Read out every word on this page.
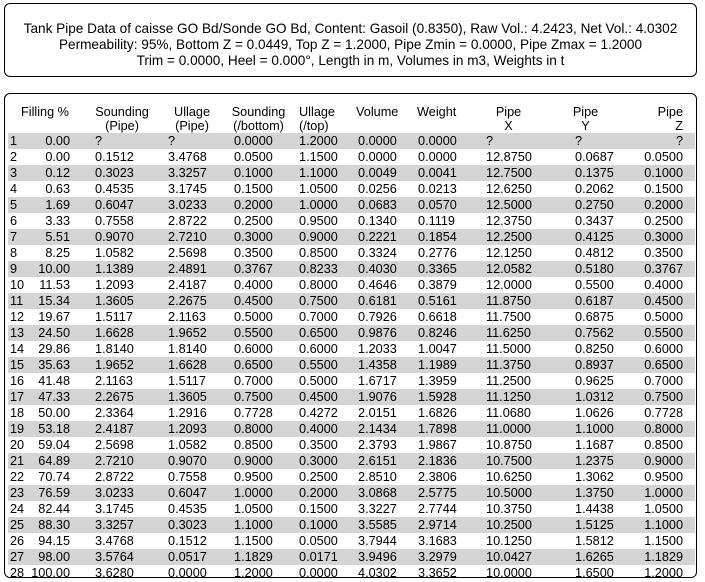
Tank Pipe Data of caisse GO Bd/Sonde GO Bd, Content: Gasoil (0.8350), Raw Vol.: 4.2423, Net Vol.: 4.0302
Permeability: 95%, Bottom Z = 0.0449, Top Z = 1.2000, Pipe Zmin = 0.0000, Pipe Zmax = 1.2000
Trim = 0.0000, Heel = 0.000°, Length in m, Volumes in m3, Weights in t
Filling %		Sounding	Ullage	Sounding	Ullage	Volume	Weight	Pipe	Pipe	Pipe
		(Pipe)	(Pipe)	(/bottom)	(/top)			X	Y	Z
1	0.00	?	?	0.0000	1.2000	0.0000	0.0000	?	?	?
2	0.00	0.1512	3.4768	0.0500	1.1500	0.0000	0.0000	12.8750	0.0687	0.0500
3	0.12	0.3023	3.3257	0.1000	1.1000	0.0049	0.0041	12.7500	0.1375	0.1000
4	0.63	0.4535	3.1745	0.1500	1.0500	0.0256	0.0213	12.6250	0.2062	0.1500
5	1.69	0.6047	3.0233	0.2000	1.0000	0.0683	0.0570	12.5000	0.2750	0.2000
6	3.33	0.7558	2.8722	0.2500	0.9500	0.1340	0.1119	12.3750	0.3437	0.2500
7	5.51	0.9070	2.7210	0.3000	0.9000	0.2221	0.1854	12.2500	0.4125	0.3000
8	8.25	1.0582	2.5698	0.3500	0.8500	0.3324	0.2776	12.1250	0.4812	0.3500
9	10.00	1.1389	2.4891	0.3767	0.8233	0.4030	0.3365	12.0582	0.5180	0.3767
10	11.53	1.2093	2.4187	0.4000	0.8000	0.4646	0.3879	12.0000	0.5500	0.4000
11	15.34	1.3605	2.2675	0.4500	0.7500	0.6181	0.5161	11.8750	0.6187	0.4500
12	19.67	1.5117	2.1163	0.5000	0.7000	0.7926	0.6618	11.7500	0.6875	0.5000
13	24.50	1.6628	1.9652	0.5500	0.6500	0.9876	0.8246	11.6250	0.7562	0.5500
14	29.86	1.8140	1.8140	0.6000	0.6000	1.2033	1.0047	11.5000	0.8250	0.6000
15	35.63	1.9652	1.6628	0.6500	0.5500	1.4358	1.1989	11.3750	0.8937	0.6500
16	41.48	2.1163	1.5117	0.7000	0.5000	1.6717	1.3959	11.2500	0.9625	0.7000
17	47.33	2.2675	1.3605	0.7500	0.4500	1.9076	1.5928	11.1250	1.0312	0.7500
18	50.00	2.3364	1.2916	0.7728	0.4272	2.0151	1.6826	11.0680	1.0626	0.7728
19	53.18	2.4187	1.2093	0.8000	0.4000	2.1434	1.7898	11.0000	1.1000	0.8000
20	59.04	2.5698	1.0582	0.8500	0.3500	2.3793	1.9867	10.8750	1.1687	0.8500
21	64.89	2.7210	0.9070	0.9000	0.3000	2.6151	2.1836	10.7500	1.2375	0.9000
22	70.74	2.8722	0.7558	0.9500	0.2500	2.8510	2.3806	10.6250	1.3062	0.9500
23	76.59	3.0233	0.6047	1.0000	0.2000	3.0868	2.5775	10.5000	1.3750	1.0000
24	82.44	3.1745	0.4535	1.0500	0.1500	3.3227	2.7744	10.3750	1.4438	1.0500
25	88.30	3.3257	0.3023	1.1000	0.1000	3.5585	2.9714	10.2500	1.5125	1.1000
26	94.15	3.4768	0.1512	1.1500	0.0500	3.7944	3.1683	10.1250	1.5812	1.1500
27	98.00	3.5764	0.0517	1.1829	0.0171	3.9496	3.2979	10.0427	1.6265	1.1829
28	100.00	3.6280	0.0000	1.2000	0.0000	4.0302	3.3652	10.0000	1.6500	1.2000
